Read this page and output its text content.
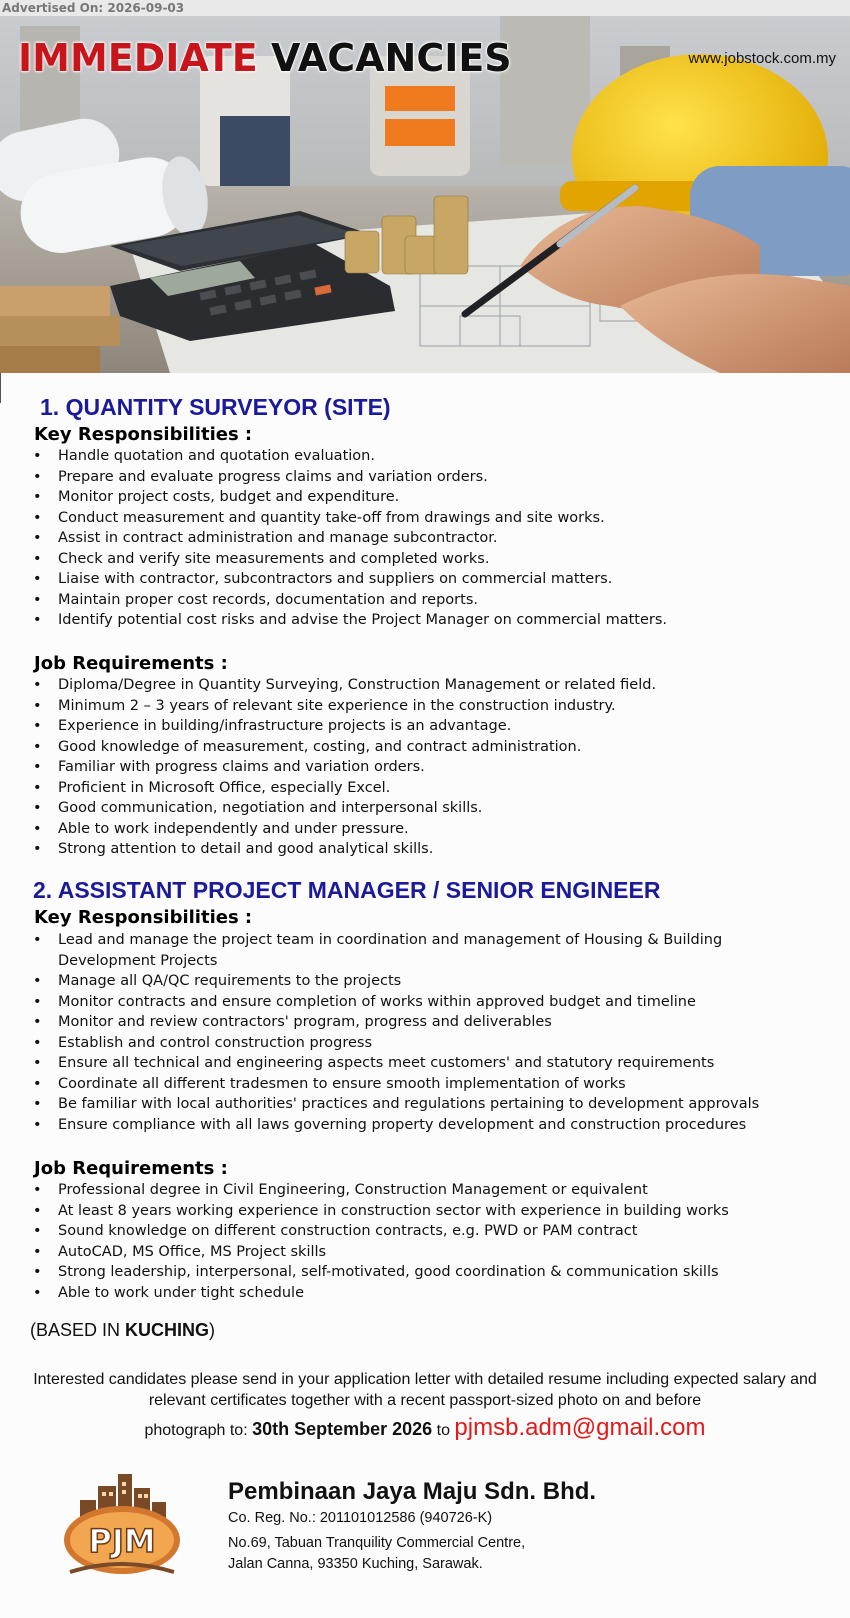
Advertised On: 2026-09-03
IMMEDIATE VACANCIES	www.jobstock.com.my
1. QUANTITY SURVEYOR (SITE)
Key Responsibilities :
• Handle quotation and quotation evaluation.
• Prepare and evaluate progress claims and variation orders.
• Monitor project costs, budget and expenditure.
• Conduct measurement and quantity take-off from drawings and site works.
• Assist in contract administration and manage subcontractor.
• Check and verify site measurements and completed works.
• Liaise with contractor, subcontractors and suppliers on commercial matters.
• Maintain proper cost records, documentation and reports.
• Identify potential cost risks and advise the Project Manager on commercial matters.
Job Requirements :
• Diploma/Degree in Quantity Surveying, Construction Management or related field.
• Minimum 2 – 3 years of relevant site experience in the construction industry.
• Experience in building/infrastructure projects is an advantage.
• Good knowledge of measurement, costing, and contract administration.
• Familiar with progress claims and variation orders.
• Proficient in Microsoft Office, especially Excel.
• Good communication, negotiation and interpersonal skills.
• Able to work independently and under pressure.
• Strong attention to detail and good analytical skills.
2. ASSISTANT PROJECT MANAGER / SENIOR ENGINEER
Key Responsibilities :
• Lead and manage the project team in coordination and management of Housing & Building Development Projects
• Manage all QA/QC requirements to the projects
• Monitor contracts and ensure completion of works within approved budget and timeline
• Monitor and review contractors' program, progress and deliverables
• Establish and control construction progress
• Ensure all technical and engineering aspects meet customers' and statutory requirements
• Coordinate all different tradesmen to ensure smooth implementation of works
• Be familiar with local authorities' practices and regulations pertaining to development approvals
• Ensure compliance with all laws governing property development and construction procedures
Job Requirements :
• Professional degree in Civil Engineering, Construction Management or equivalent
• At least 8 years working experience in construction sector with experience in building works
• Sound knowledge on different construction contracts, e.g. PWD or PAM contract
• AutoCAD, MS Office, MS Project skills
• Strong leadership, interpersonal, self-motivated, good coordination & communication skills
• Able to work under tight schedule
(BASED IN KUCHING)
Interested candidates please send in your application letter with detailed resume including expected salary and relevant certificates together with a recent passport-sized photo on and before
photograph to: 30th September 2026 to pjmsb.adm@gmail.com
PJM
Pembinaan Jaya Maju Sdn. Bhd.
Co. Reg. No.: 201101012586 (940726-K)
No.69, Tabuan Tranquility Commercial Centre,
Jalan Canna, 93350 Kuching, Sarawak.
